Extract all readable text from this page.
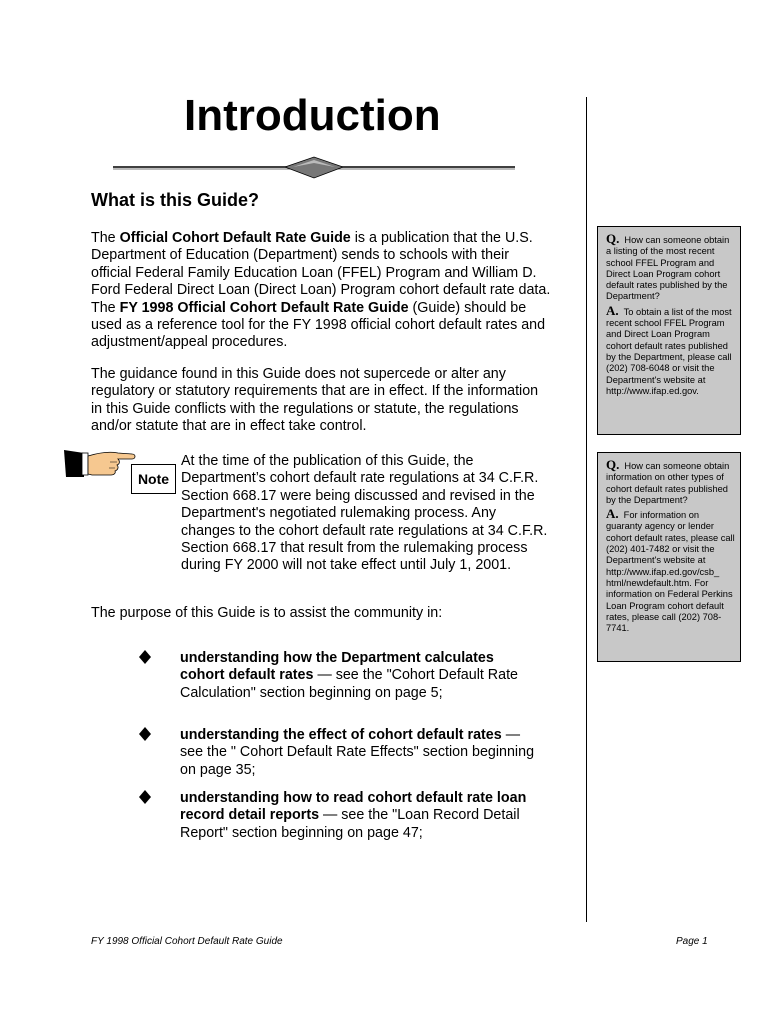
Introduction
What is this Guide?

The Official Cohort Default Rate Guide is a publication that the U.S. Department of Education (Department) sends to schools with their official Federal Family Education Loan (FFEL) Program and William D. Ford Federal Direct Loan (Direct Loan) Program cohort default rate data. The FY 1998 Official Cohort Default Rate Guide (Guide) should be used as a reference tool for the FY 1998 official cohort default rates and adjustment/appeal procedures.

The guidance found in this Guide does not supercede or alter any regulatory or statutory requirements that are in effect. If the information in this Guide conflicts with the regulations or statute, the regulations and/or statute that are in effect take control.

Note

At the time of the publication of this Guide, the Department’s cohort default rate regulations at 34 C.F.R. Section 668.17 were being discussed and revised in the Department's negotiated rulemaking process. Any changes to the cohort default rate regulations at 34 C.F.R. Section 668.17 that result from the rulemaking process during FY 2000 will not take effect until July 1, 2001.

The purpose of this Guide is to assist the community in:

understanding how the Department calculates cohort default rates — see the "Cohort Default Rate Calculation" section beginning on page 5;

understanding the effect of cohort default rates — see the " Cohort Default Rate Effects" section beginning on page 35;

understanding how to read cohort default rate loan record detail reports — see the "Loan Record Detail Report" section beginning on page 47;

Q. How can someone obtain a listing of the most recent school FFEL Program and Direct Loan Program cohort default rates published by the Department?
A. To obtain a list of the most recent school FFEL Program and Direct Loan Program cohort default rates published by the Department, please call (202) 708-6048 or visit the Department's website at http://www.ifap.ed.gov.
Q. How can someone obtain information on other types of cohort default rates published by the Department?
A. For information on guaranty agency or lender cohort default rates, please call (202) 401-7482 or visit the Department's website at http://www.ifap.ed.gov/csb_ html/newdefault.htm. For information on Federal Perkins Loan Program cohort default rates, please call (202) 708-7741.
FY 1998 Official Cohort Default Rate Guide	Page 1
